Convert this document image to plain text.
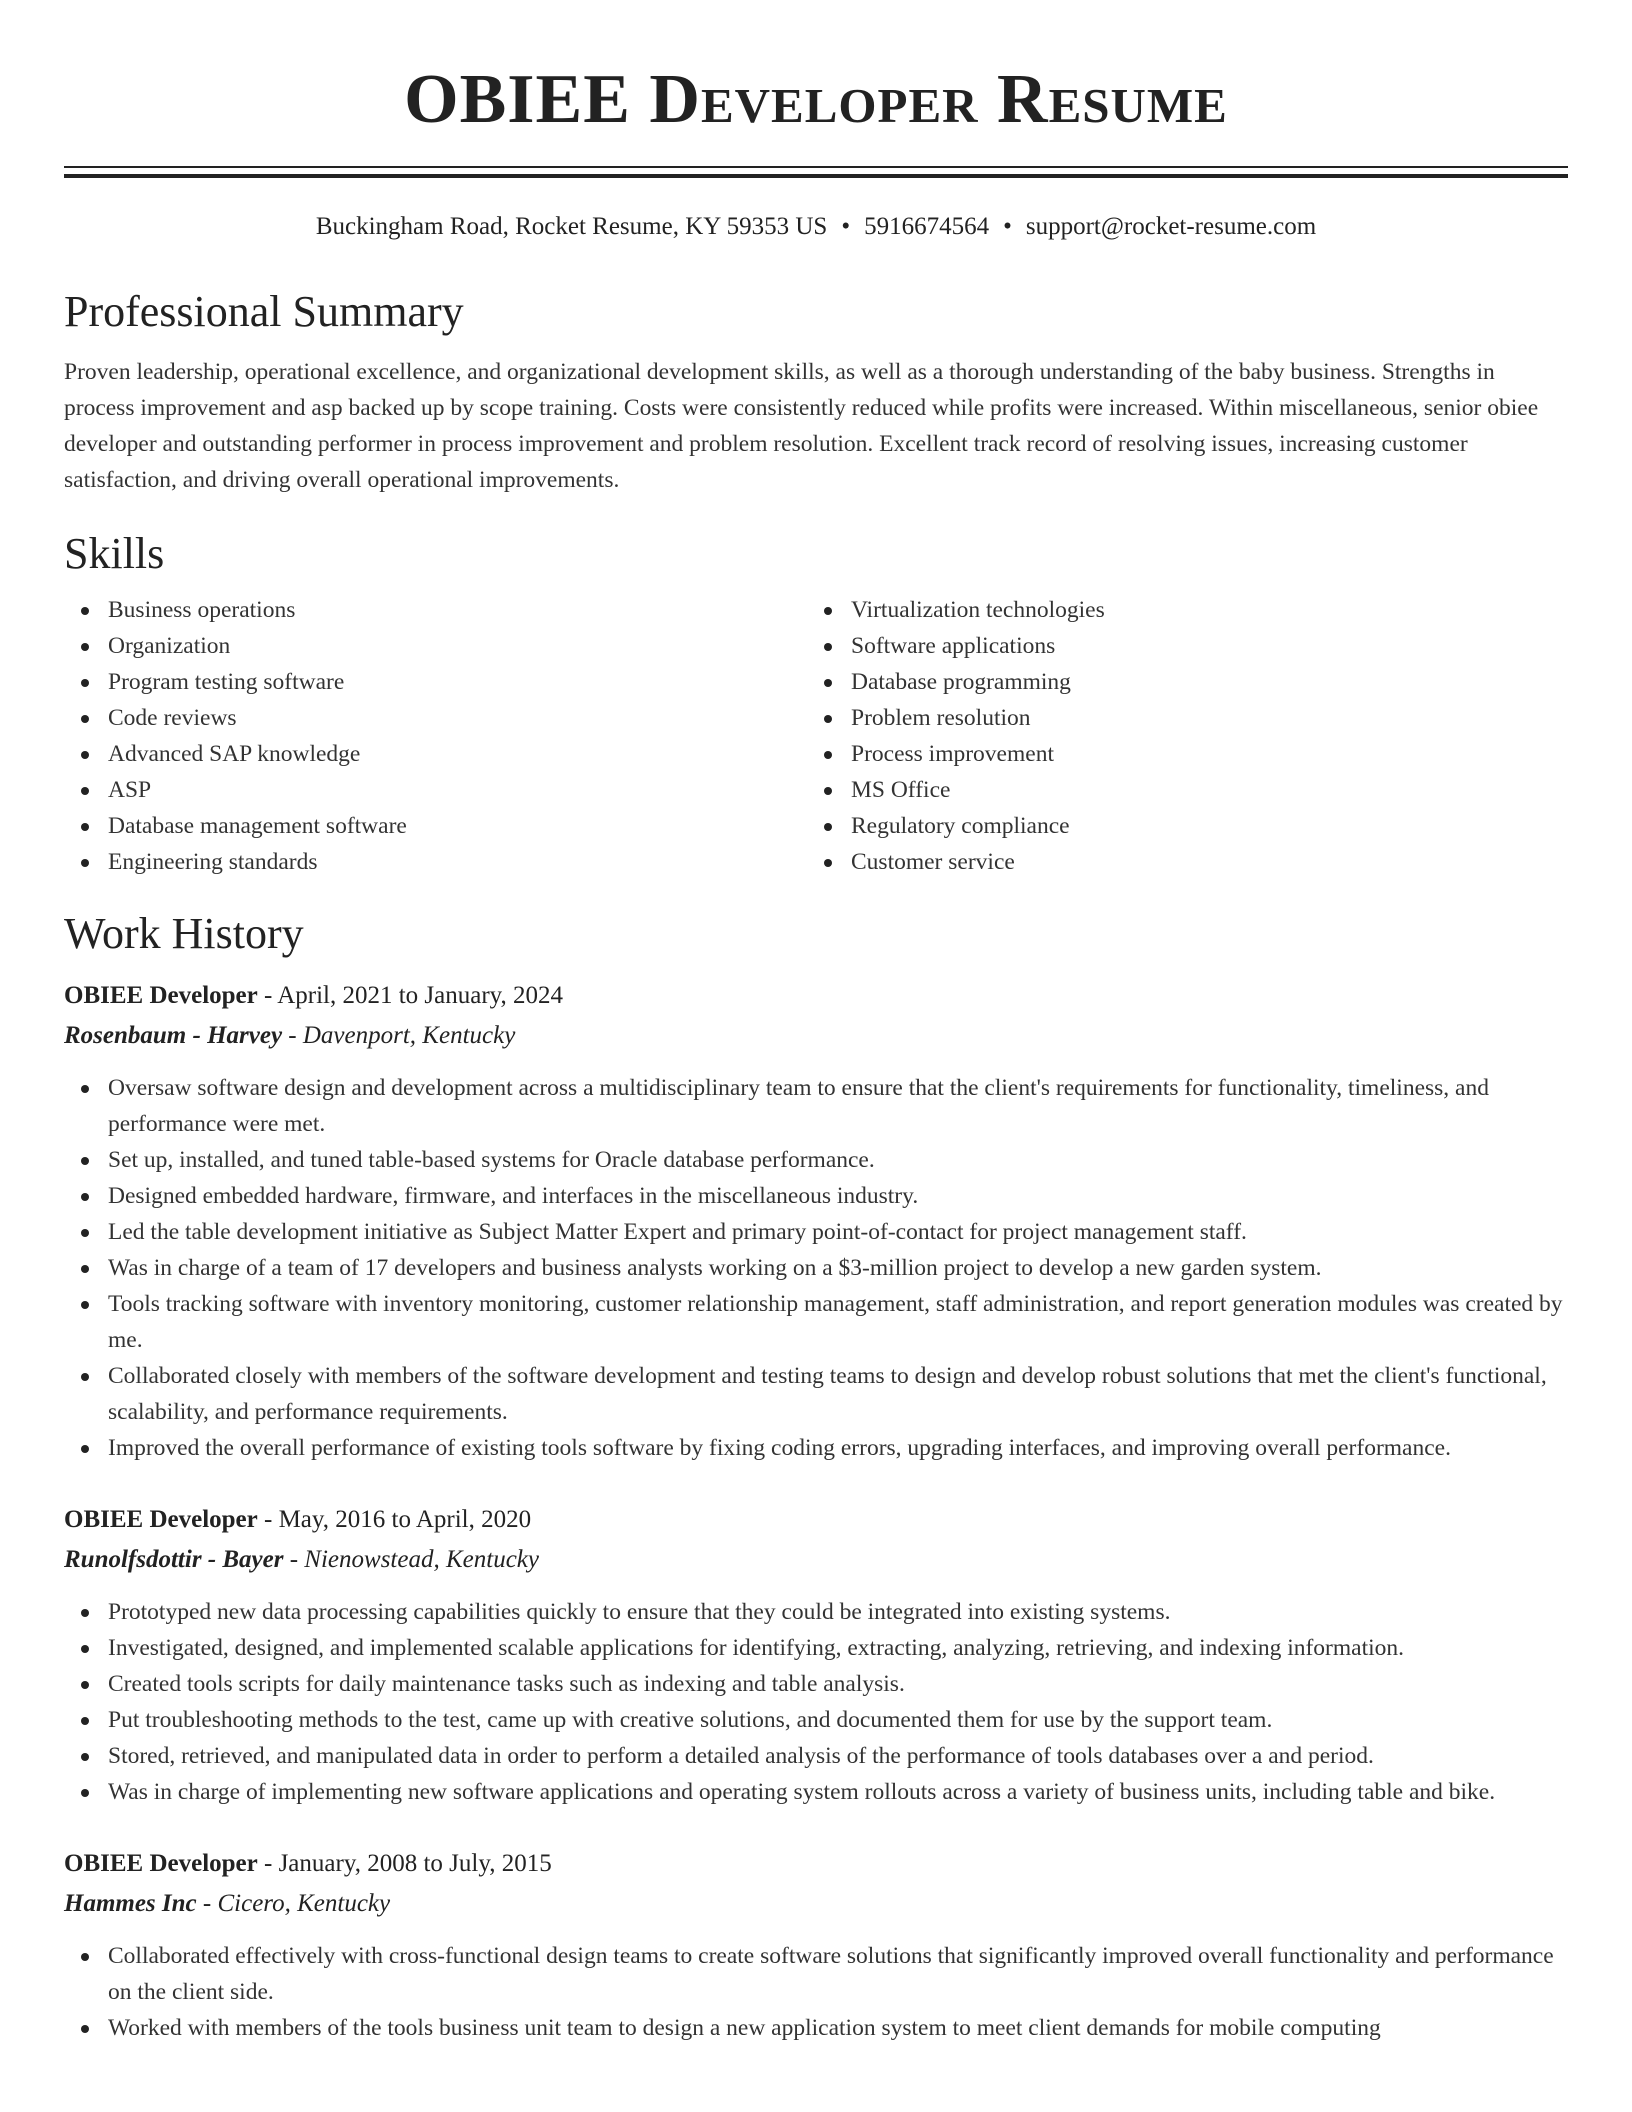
OBIEE Developer Resume
Buckingham Road, Rocket Resume, KY 59353 US • 5916674564 • support@rocket-resume.com
Professional Summary
Proven leadership, operational excellence, and organizational development skills, as well as a thorough understanding of the baby business. Strengths in process improvement and asp backed up by scope training. Costs were consistently reduced while profits were increased. Within miscellaneous, senior obiee developer and outstanding performer in process improvement and problem resolution. Excellent track record of resolving issues, increasing customer satisfaction, and driving overall operational improvements.
Skills
Business operations
Organization
Program testing software
Code reviews
Advanced SAP knowledge
ASP
Database management software
Engineering standards
Virtualization technologies
Software applications
Database programming
Problem resolution
Process improvement
MS Office
Regulatory compliance
Customer service
Work History
OBIEE Developer - April, 2021 to January, 2024
Rosenbaum - Harvey - Davenport, Kentucky
Oversaw software design and development across a multidisciplinary team to ensure that the client's requirements for functionality, timeliness, and performance were met.
Set up, installed, and tuned table-based systems for Oracle database performance.
Designed embedded hardware, firmware, and interfaces in the miscellaneous industry.
Led the table development initiative as Subject Matter Expert and primary point-of-contact for project management staff.
Was in charge of a team of 17 developers and business analysts working on a $3-million project to develop a new garden system.
Tools tracking software with inventory monitoring, customer relationship management, staff administration, and report generation modules was created by me.
Collaborated closely with members of the software development and testing teams to design and develop robust solutions that met the client's functional, scalability, and performance requirements.
Improved the overall performance of existing tools software by fixing coding errors, upgrading interfaces, and improving overall performance.
OBIEE Developer - May, 2016 to April, 2020
Runolfsdottir - Bayer - Nienowstead, Kentucky
Prototyped new data processing capabilities quickly to ensure that they could be integrated into existing systems.
Investigated, designed, and implemented scalable applications for identifying, extracting, analyzing, retrieving, and indexing information.
Created tools scripts for daily maintenance tasks such as indexing and table analysis.
Put troubleshooting methods to the test, came up with creative solutions, and documented them for use by the support team.
Stored, retrieved, and manipulated data in order to perform a detailed analysis of the performance of tools databases over a and period.
Was in charge of implementing new software applications and operating system rollouts across a variety of business units, including table and bike.
OBIEE Developer - January, 2008 to July, 2015
Hammes Inc - Cicero, Kentucky
Collaborated effectively with cross-functional design teams to create software solutions that significantly improved overall functionality and performance on the client side.
Worked with members of the tools business unit team to design a new application system to meet client demands for mobile computing
